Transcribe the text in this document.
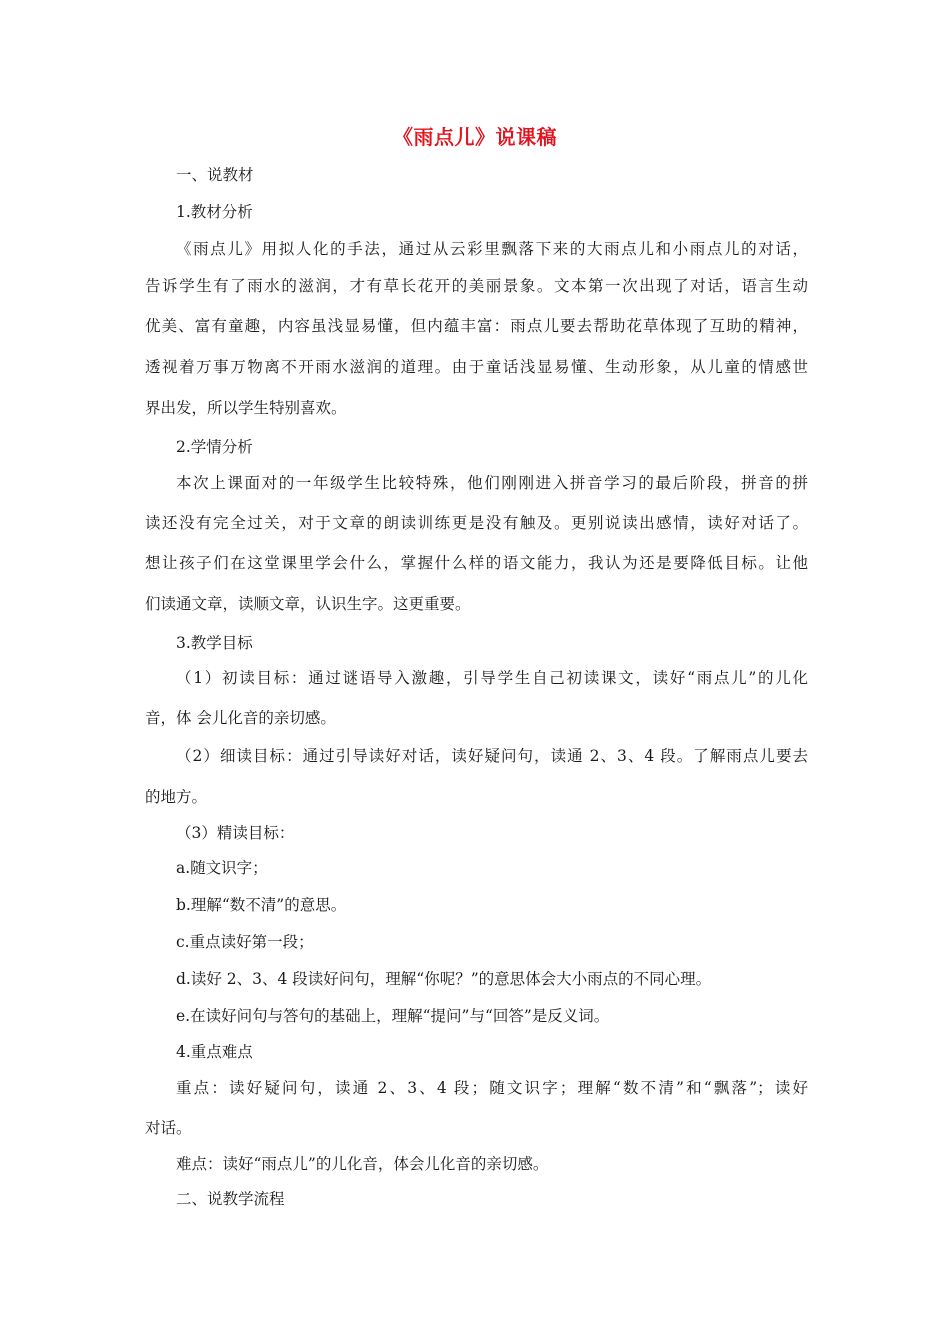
《雨点儿》说课稿
一、说教材
1.教材分析
《雨点儿》用拟人化的手法，通过从云彩里飘落下来的大雨点儿和小雨点儿的对话，
告诉学生有了雨水的滋润，才有草长花开的美丽景象。文本第一次出现了对话，语言生动
优美、富有童趣，内容虽浅显易懂，但内蕴丰富：雨点儿要去帮助花草体现了互助的精神，
透视着万事万物离不开雨水滋润的道理。由于童话浅显易懂、生动形象，从儿童的情感世
界出发，所以学生特别喜欢。
2.学情分析
本次上课面对的一年级学生比较特殊，他们刚刚进入拼音学习的最后阶段，拼音的拼
读还没有完全过关，对于文章的朗读训练更是没有触及。更别说读出感情，读好对话了。
想让孩子们在这堂课里学会什么，掌握什么样的语文能力，我认为还是要降低目标。让他
们读通文章，读顺文章，认识生字。这更重要。
3.教学目标
（1）初读目标：通过谜语导入激趣，引导学生自己初读课文，读好“雨点儿”的儿化
音，体 会儿化音的亲切感。
（2）细读目标：通过引导读好对话，读好疑问句，读通 2、3、4 段。了解雨点儿要去
的地方。
（3）精读目标：
a.随文识字；
b.理解“数不清”的意思。
c.重点读好第一段；
d.读好 2、3、4 段读好问句，理解“你呢？”的意思体会大小雨点的不同心理。
e.在读好问句与答句的基础上，理解“提问”与“回答”是反义词。
4.重点难点
重点：读好疑问句，读通 2、3、4 段；随文识字；理解“数不清”和“飘落”；读好
对话。
难点：读好“雨点儿”的儿化音，体会儿化音的亲切感。
二、说教学流程
